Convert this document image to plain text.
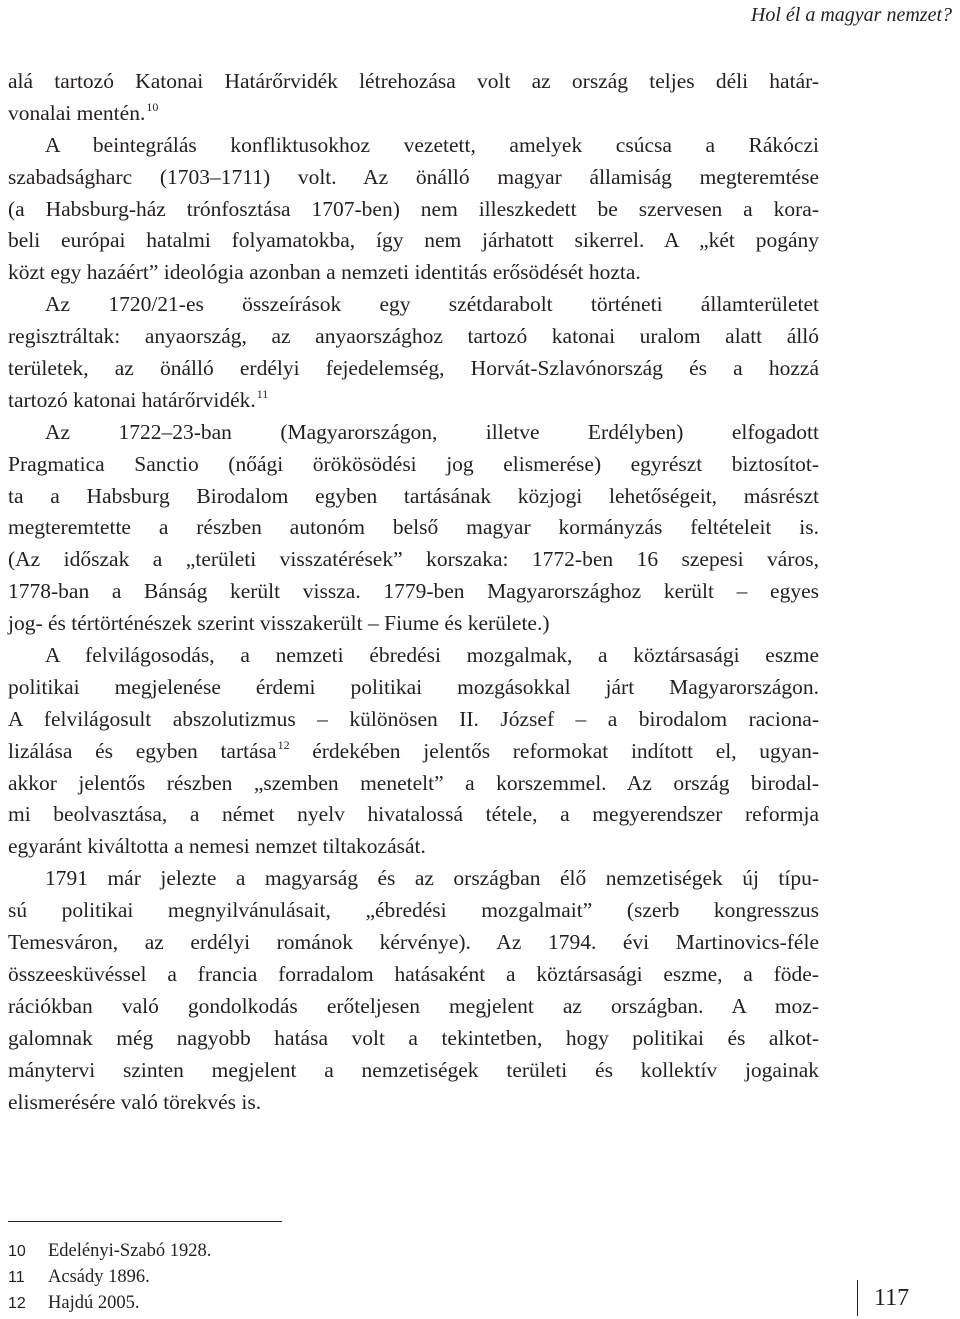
Hol él a magyar nemzet?
alá tartozó Katonai Határőrvidék létrehozása volt az ország teljes déli határ-
vonalai mentén.$^{10}$
A beintegrálás konfliktusokhoz vezetett, amelyek csúcsa a Rákóczi
szabadságharc (1703–1711) volt. Az önálló magyar államiság megteremtése
(a Habsburg-ház trónfosztása 1707-ben) nem illeszkedett be szervesen a kora-
beli európai hatalmi folyamatokba, így nem járhatott sikerrel. A „két pogány
közt egy hazáért” ideológia azonban a nemzeti identitás erősödését hozta.
Az 1720/21-es összeírások egy szétdarabolt történeti államterületet
regisztráltak: anyaország, az anyaországhoz tartozó katonai uralom alatt álló
területek, az önálló erdélyi fejedelemség, Horvát-Szlavónország és a hozzá
tartozó katonai határőrvidék.$^{11}$
Az 1722–23-ban (Magyarországon, illetve Erdélyben) elfogadott
Pragmatica Sanctio (nőági örökösödési jog elismerése) egyrészt biztosítot-
ta a Habsburg Birodalom egyben tartásának közjogi lehetőségeit, másrészt
megteremtette a részben autonóm belső magyar kormányzás feltételeit is.
(Az időszak a „területi visszatérések” korszaka: 1772-ben 16 szepesi város,
1778-ban a Bánság került vissza. 1779-ben Magyarországhoz került – egyes
jog- és tértörténészek szerint visszakerült – Fiume és kerülete.)
A felvilágosodás, a nemzeti ébredési mozgalmak, a köztársasági eszme
politikai megjelenése érdemi politikai mozgásokkal járt Magyarországon.
A felvilágosult abszolutizmus – különösen II. József – a birodalom raciona-
lizálása és egyben tartása$^{12}$ érdekében jelentős reformokat indított el, ugyan-
akkor jelentős részben „szemben menetelt” a korszemmel. Az ország birodal-
mi beolvasztása, a német nyelv hivatalossá tétele, a megyerendszer reformja
egyaránt kiváltotta a nemesi nemzet tiltakozását.
1791 már jelezte a magyarság és az országban élő nemzetiségek új típu-
sú politikai megnyilvánulásait, „ébredési mozgalmait” (szerb kongresszus
Temesváron, az erdélyi románok kérvénye). Az 1794. évi Martinovics-féle
összeesküvéssel a francia forradalom hatásaként a köztársasági eszme, a föde-
rációkban való gondolkodás erőteljesen megjelent az országban. A moz-
galomnak még nagyobb hatása volt a tekintetben, hogy politikai és alkot-
mánytervi szinten megjelent a nemzetiségek területi és kollektív jogainak
elismerésére való törekvés is.
10 Edelényi-Szabó 1928.
11 Acsády 1896.
12 Hajdú 2005.	117
